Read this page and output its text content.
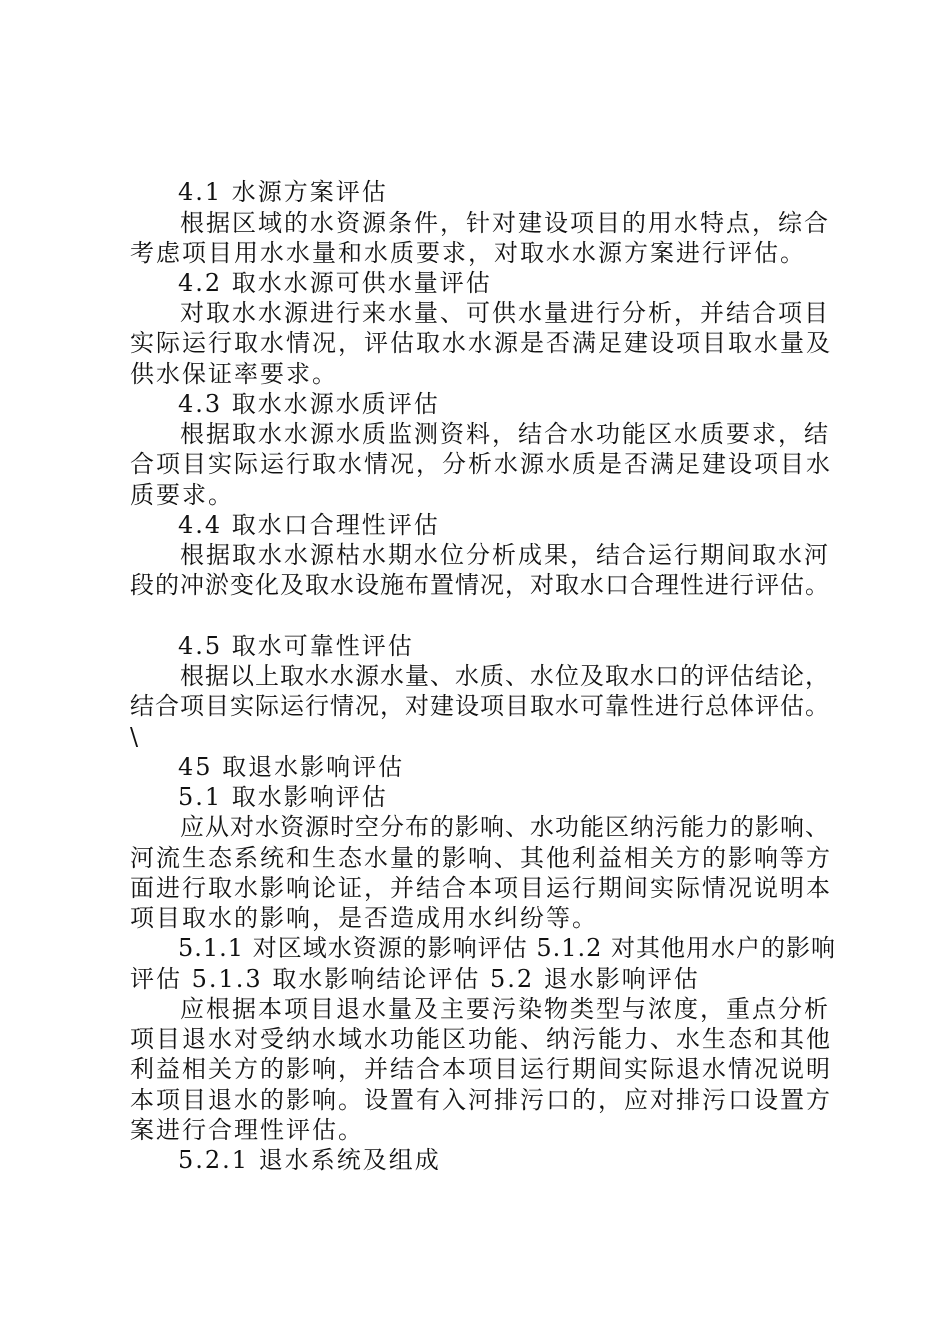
4.1 水源方案评估
根据区域的水资源条件，针对建设项目的用水特点，综合
考虑项目用水水量和水质要求，对取水水源方案进行评估。
4.2 取水水源可供水量评估
对取水水源进行来水量、可供水量进行分析，并结合项目
实际运行取水情况，评估取水水源是否满足建设项目取水量及
供水保证率要求。
4.3 取水水源水质评估
根据取水水源水质监测资料，结合水功能区水质要求，结
合项目实际运行取水情况，分析水源水质是否满足建设项目水
质要求。
4.4 取水口合理性评估
根据取水水源枯水期水位分析成果，结合运行期间取水河
段的冲淤变化及取水设施布置情况，对取水口合理性进行评估。
4.5 取水可靠性评估
根据以上取水水源水量、水质、水位及取水口的评估结论，
结合项目实际运行情况，对建设项目取水可靠性进行总体评估。
\
45 取退水影响评估
5.1 取水影响评估
应从对水资源时空分布的影响、水功能区纳污能力的影响、
河流生态系统和生态水量的影响、其他利益相关方的影响等方
面进行取水影响论证，并结合本项目运行期间实际情况说明本
项目取水的影响，是否造成用水纠纷等。
5.1.1 对区域水资源的影响评估 5.1.2 对其他用水户的影响
评估 5.1.3 取水影响结论评估 5.2 退水影响评估
应根据本项目退水量及主要污染物类型与浓度，重点分析
项目退水对受纳水域水功能区功能、纳污能力、水生态和其他
利益相关方的影响，并结合本项目运行期间实际退水情况说明
本项目退水的影响。设置有入河排污口的，应对排污口设置方
案进行合理性评估。
5.2.1 退水系统及组成
